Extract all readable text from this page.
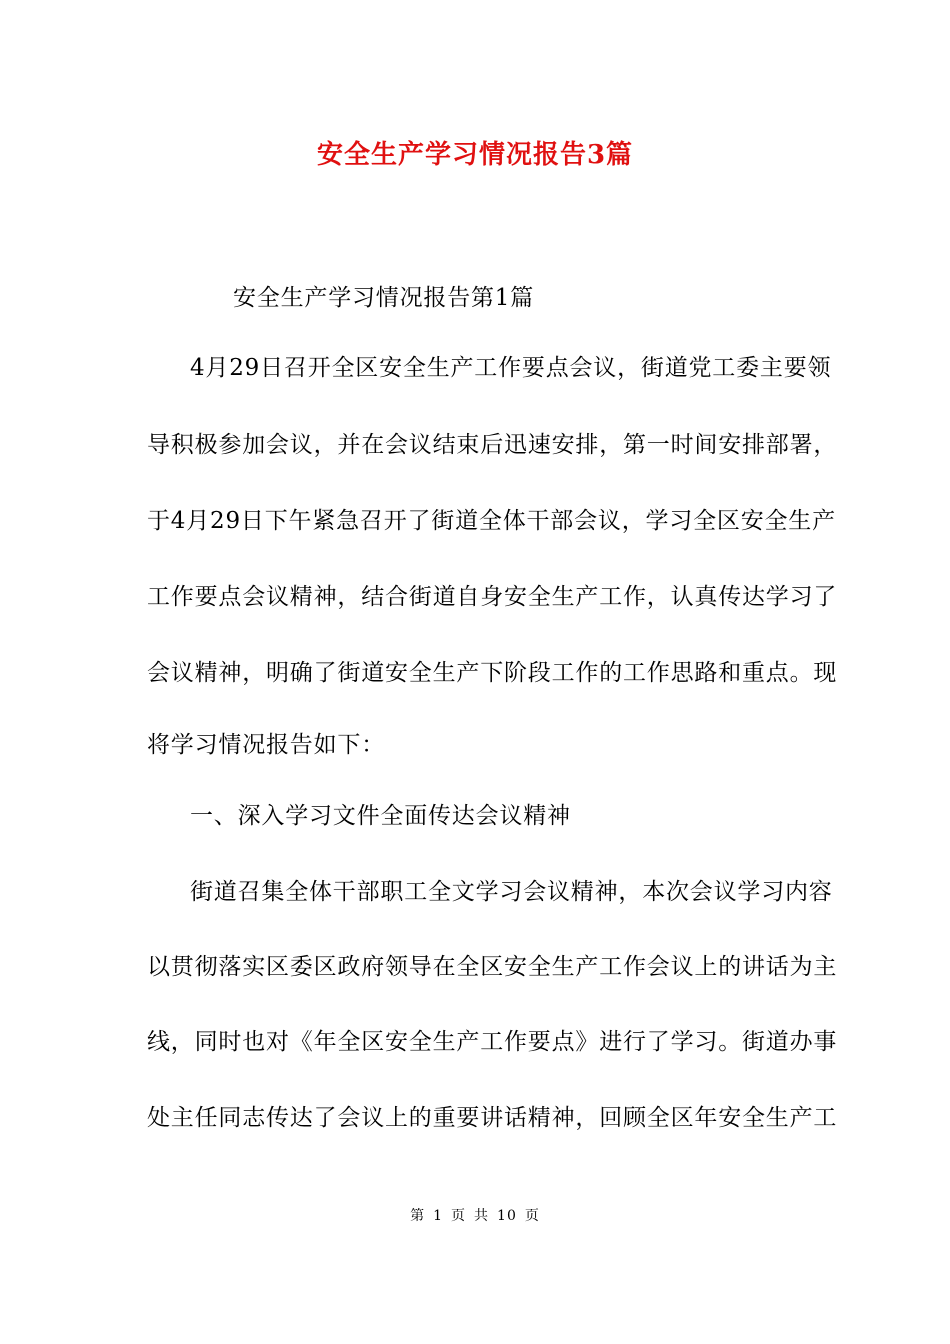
安全生产学习情况报告3篇
安全生产学习情况报告第1篇
4月29日召开全区安全生产工作要点会议，街道党工委主要领
导积极参加会议，并在会议结束后迅速安排，第一时间安排部署，
于4月29日下午紧急召开了街道全体干部会议，学习全区安全生产
工作要点会议精神，结合街道自身安全生产工作，认真传达学习了
会议精神，明确了街道安全生产下阶段工作的工作思路和重点。现
将学习情况报告如下：
一、深入学习文件全面传达会议精神
街道召集全体干部职工全文学习会议精神，本次会议学习内容
以贯彻落实区委区政府领导在全区安全生产工作会议上的讲话为主
线，同时也对《年全区安全生产工作要点》进行了学习。街道办事
处主任同志传达了会议上的重要讲话精神，回顾全区年安全生产工
第 1 页 共 10 页
